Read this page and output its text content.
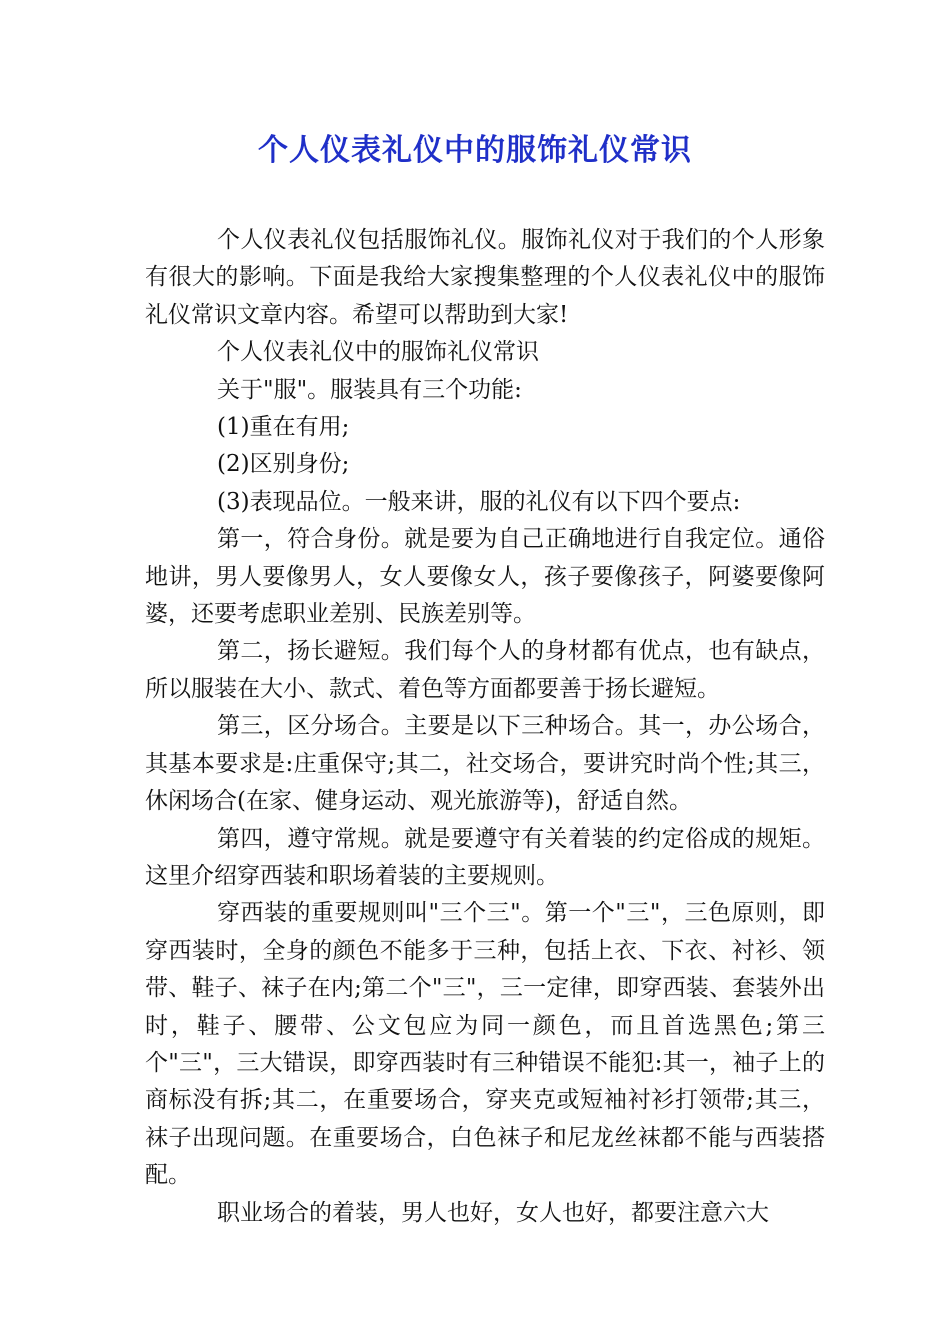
个人仪表礼仪中的服饰礼仪常识

个人仪表礼仪包括服饰礼仪。服饰礼仪对于我们的个人形象有很大的影响。下面是我给大家搜集整理的个人仪表礼仪中的服饰礼仪常识文章内容。希望可以帮助到大家!

个人仪表礼仪中的服饰礼仪常识

关于"服"。服装具有三个功能:

(1)重在有用;

(2)区别身份;

(3)表现品位。一般来讲，服的礼仪有以下四个要点:

第一，符合身份。就是要为自己正确地进行自我定位。通俗地讲，男人要像男人，女人要像女人，孩子要像孩子，阿婆要像阿婆，还要考虑职业差别、民族差别等。

第二，扬长避短。我们每个人的身材都有优点，也有缺点，所以服装在大小、款式、着色等方面都要善于扬长避短。

第三，区分场合。主要是以下三种场合。其一，办公场合，其基本要求是:庄重保守;其二，社交场合，要讲究时尚个性;其三，休闲场合(在家、健身运动、观光旅游等)，舒适自然。

第四，遵守常规。就是要遵守有关着装的约定俗成的规矩。这里介绍穿西装和职场着装的主要规则。

穿西装的重要规则叫"三个三"。第一个"三"，三色原则，即穿西装时，全身的颜色不能多于三种，包括上衣、下衣、衬衫、领带、鞋子、袜子在内;第二个"三"，三一定律，即穿西装、套装外出时，鞋子、腰带、公文包应为同一颜色，而且首选黑色;第三个"三"，三大错误，即穿西装时有三种错误不能犯:其一，袖子上的商标没有拆;其二，在重要场合，穿夹克或短袖衬衫打领带;其三，袜子出现问题。在重要场合，白色袜子和尼龙丝袜都不能与西装搭配。

职业场合的着装，男人也好，女人也好，都要注意六大
